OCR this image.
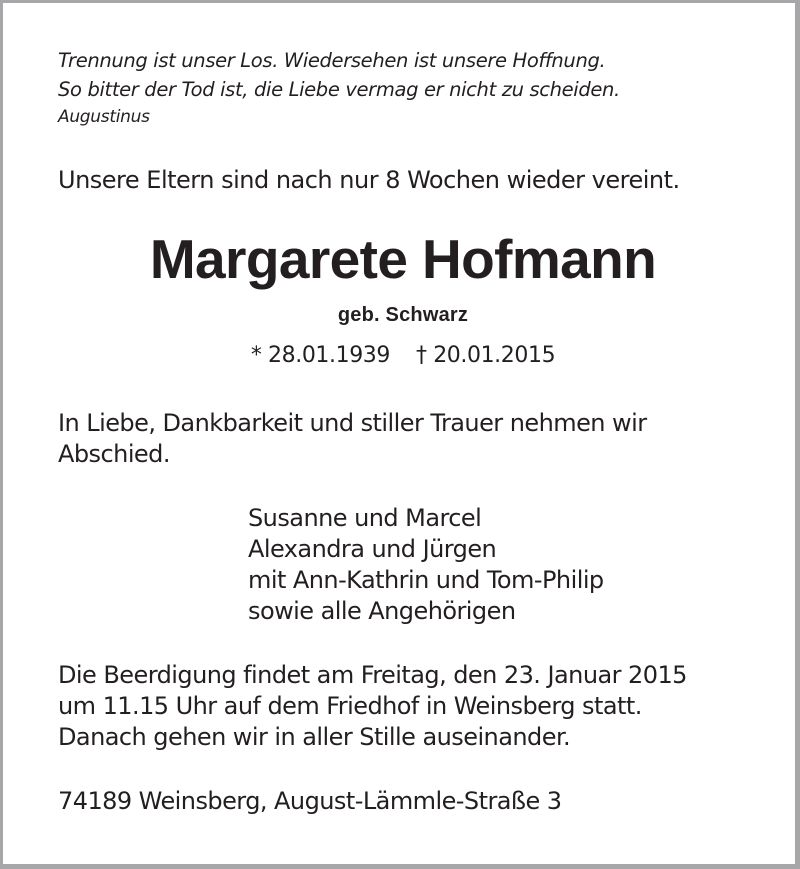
Trennung ist unser Los. Wiedersehen ist unsere Hoffnung.
So bitter der Tod ist, die Liebe vermag er nicht zu scheiden.
Augustinus
Unsere Eltern sind nach nur 8 Wochen wieder vereint.
Margarete Hofmann
geb. Schwarz
* 28.01.1939 † 20.01.2015
In Liebe, Dankbarkeit und stiller Trauer nehmen wir
Abschied.
Susanne und Marcel
Alexandra und Jürgen
mit Ann-Kathrin und Tom-Philip
sowie alle Angehörigen
Die Beerdigung findet am Freitag, den 23. Januar 2015
um 11.15 Uhr auf dem Friedhof in Weinsberg statt.
Danach gehen wir in aller Stille auseinander.
74189 Weinsberg, August-Lämmle-Straße 3
